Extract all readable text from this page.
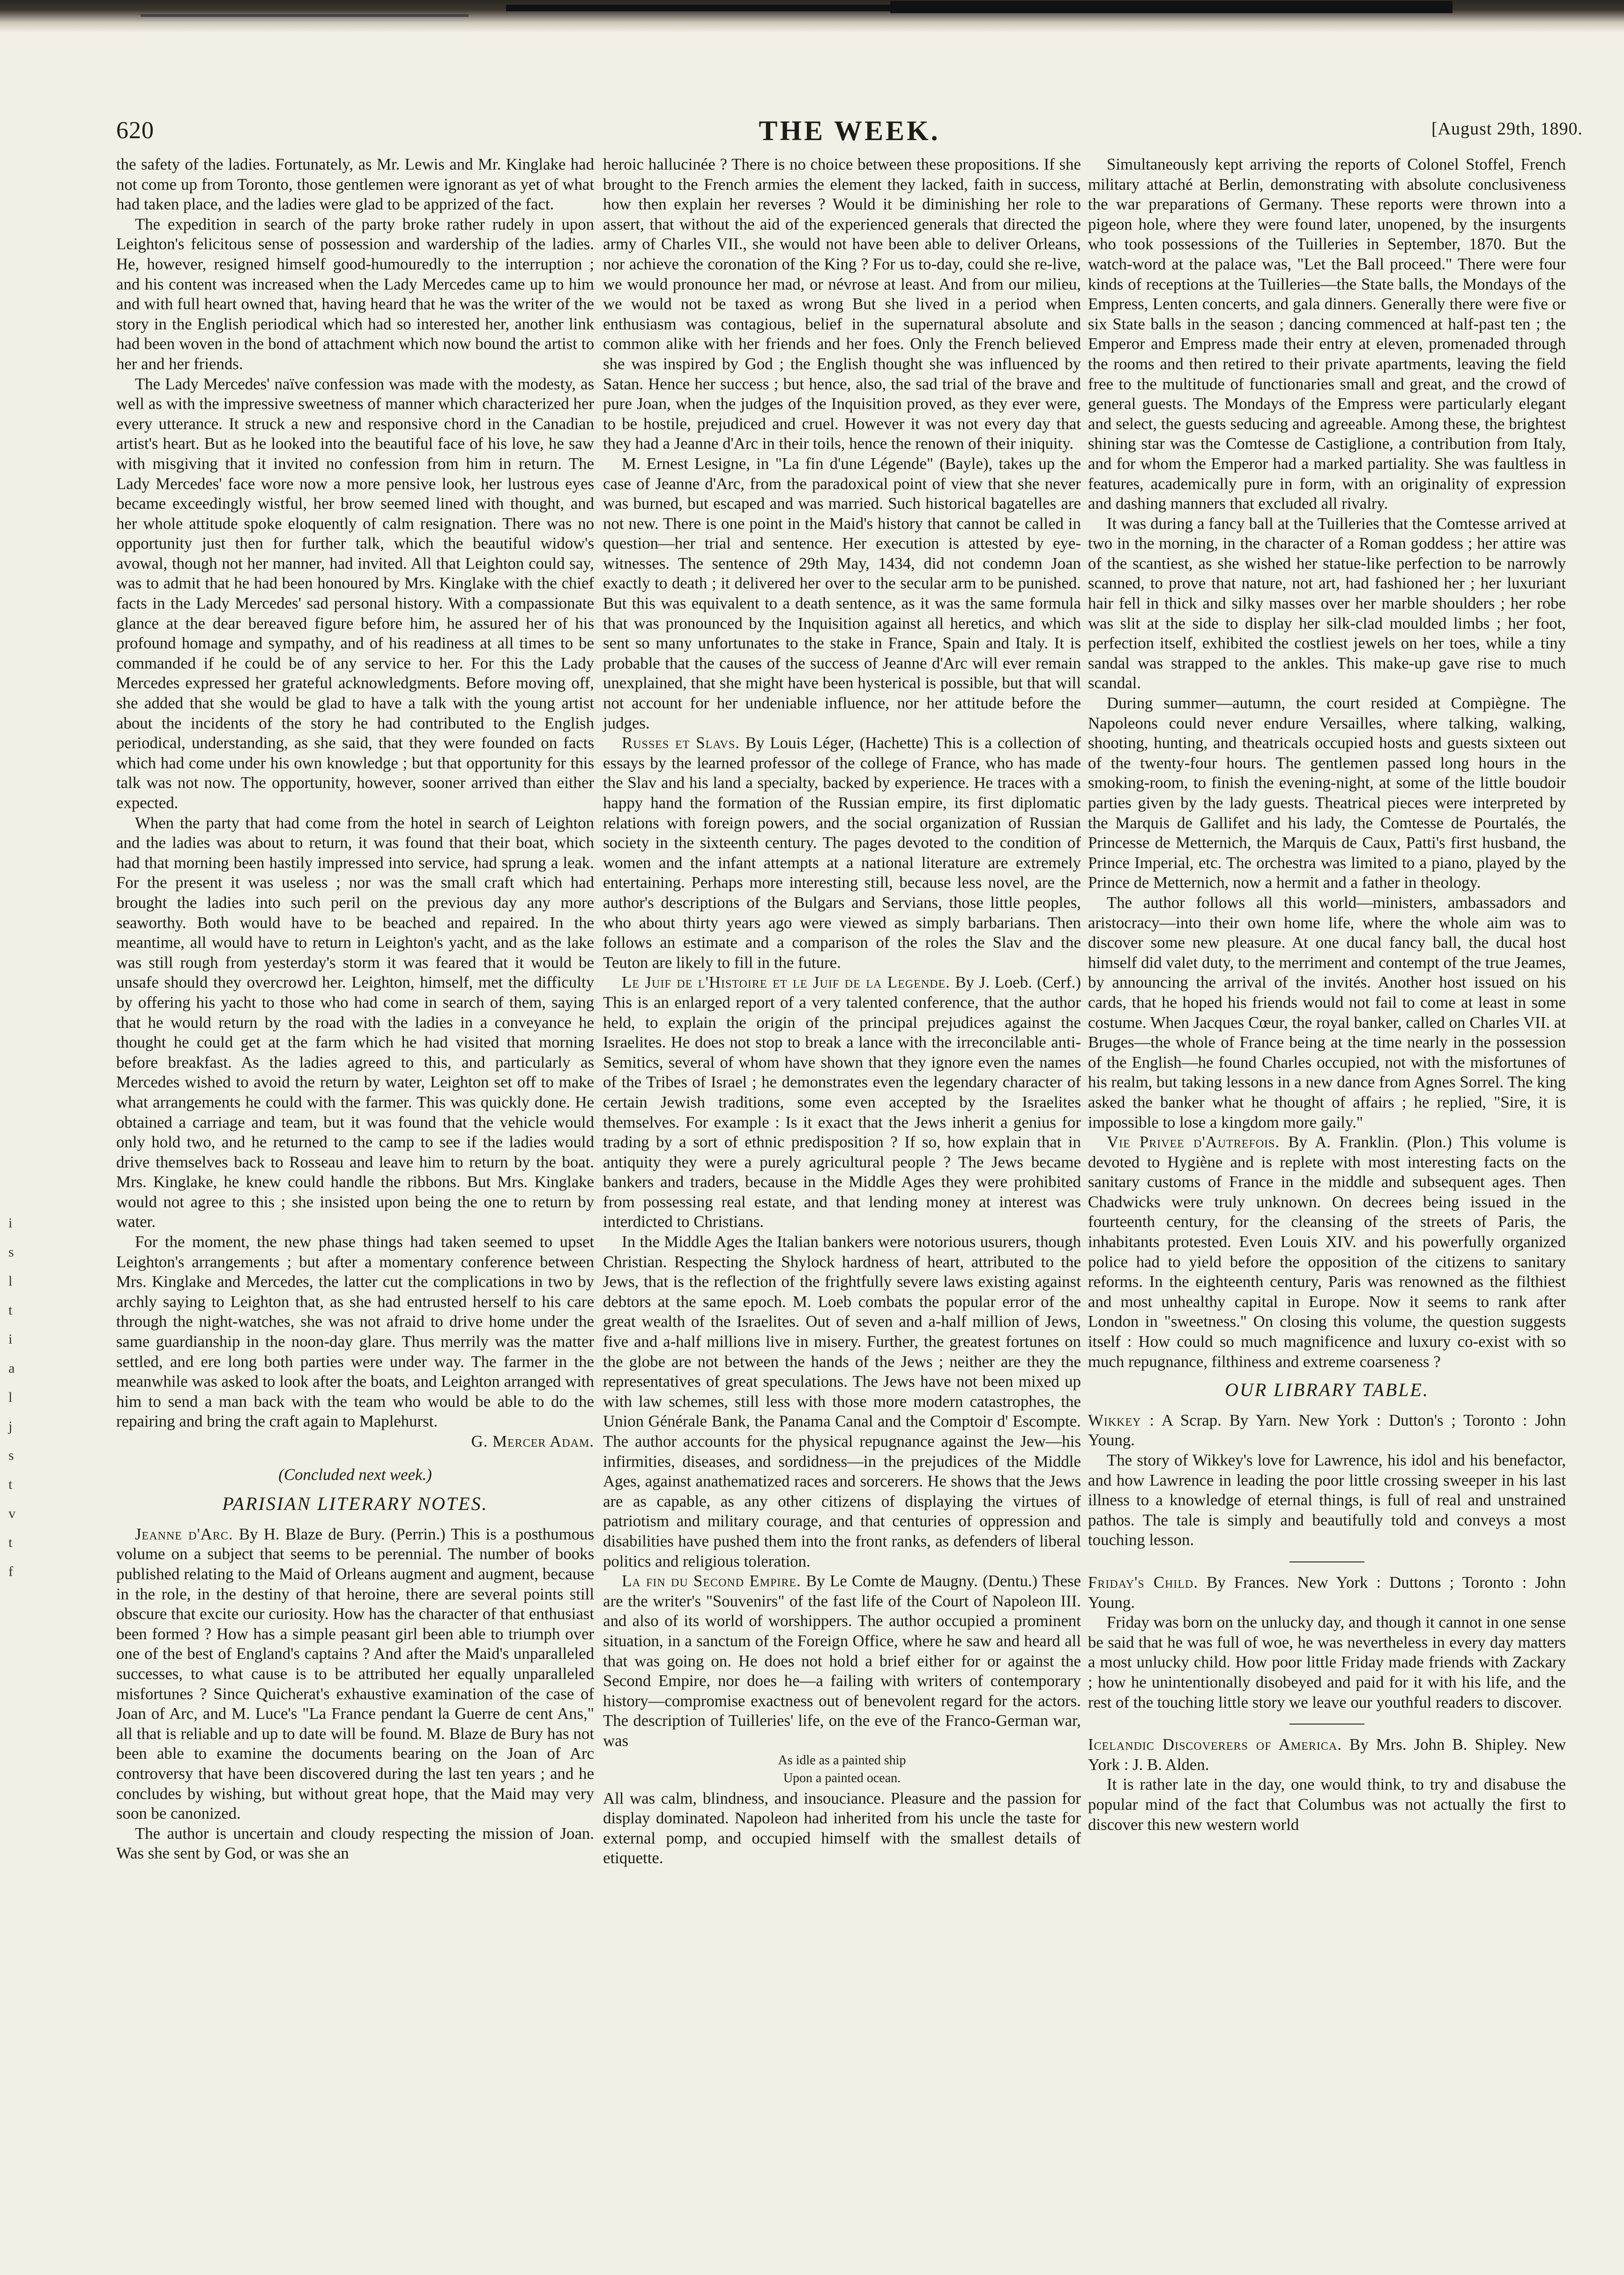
620	THE WEEK.	[August 29th, 1890.
i
s
l
t
i
a
l
j
s
t
v
t
f

the safety of the ladies. Fortunately, as Mr. Lewis and Mr. Kinglake had not come up from Toronto, those gentlemen were ignorant as yet of what had taken place, and the ladies were glad to be apprized of the fact.

The expedition in search of the party broke rather rudely in upon Leighton's felicitous sense of possession and wardership of the ladies. He, however, resigned himself good-humouredly to the interruption ; and his content was increased when the Lady Mercedes came up to him and with full heart owned that, having heard that he was the writer of the story in the English periodical which had so interested her, another link had been woven in the bond of attachment which now bound the artist to her and her friends.

The Lady Mercedes' naïve confession was made with the modesty, as well as with the impressive sweetness of manner which characterized her every utterance. It struck a new and responsive chord in the Canadian artist's heart. But as he looked into the beautiful face of his love, he saw with misgiving that it invited no confession from him in return. The Lady Mercedes' face wore now a more pensive look, her lustrous eyes became exceedingly wistful, her brow seemed lined with thought, and her whole attitude spoke eloquently of calm resignation. There was no opportunity just then for further talk, which the beautiful widow's avowal, though not her manner, had invited. All that Leighton could say, was to admit that he had been honoured by Mrs. Kinglake with the chief facts in the Lady Mercedes' sad personal history. With a compassionate glance at the dear bereaved figure before him, he assured her of his profound homage and sympathy, and of his readiness at all times to be commanded if he could be of any service to her. For this the Lady Mercedes expressed her grateful acknowledgments. Before moving off, she added that she would be glad to have a talk with the young artist about the incidents of the story he had contributed to the English periodical, understanding, as she said, that they were founded on facts which had come under his own knowledge ; but that opportunity for this talk was not now. The opportunity, however, sooner arrived than either expected.

When the party that had come from the hotel in search of Leighton and the ladies was about to return, it was found that their boat, which had that morning been hastily impressed into service, had sprung a leak. For the present it was useless ; nor was the small craft which had brought the ladies into such peril on the previous day any more seaworthy. Both would have to be beached and repaired. In the meantime, all would have to return in Leighton's yacht, and as the lake was still rough from yesterday's storm it was feared that it would be unsafe should they overcrowd her. Leighton, himself, met the difficulty by offering his yacht to those who had come in search of them, saying that he would return by the road with the ladies in a conveyance he thought he could get at the farm which he had visited that morning before breakfast. As the ladies agreed to this, and particularly as Mercedes wished to avoid the return by water, Leighton set off to make what arrangements he could with the farmer. This was quickly done. He obtained a carriage and team, but it was found that the vehicle would only hold two, and he returned to the camp to see if the ladies would drive themselves back to Rosseau and leave him to return by the boat. Mrs. Kinglake, he knew could handle the ribbons. But Mrs. Kinglake would not agree to this ; she insisted upon being the one to return by water.

For the moment, the new phase things had taken seemed to upset Leighton's arrangements ; but after a momentary conference between Mrs. Kinglake and Mercedes, the latter cut the complications in two by archly saying to Leighton that, as she had entrusted herself to his care through the night-watches, she was not afraid to drive home under the same guardianship in the noon-day glare. Thus merrily was the matter settled, and ere long both parties were under way. The farmer in the meanwhile was asked to look after the boats, and Leighton arranged with him to send a man back with the team who would be able to do the repairing and bring the craft again to Maplehurst.

G. Mercer Adam.

(Concluded next week.)

PARISIAN LITERARY NOTES.

Jeanne d'Arc. By H. Blaze de Bury. (Perrin.) This is a posthumous volume on a subject that seems to be perennial. The number of books published relating to the Maid of Orleans augment and augment, because in the role, in the destiny of that heroine, there are several points still obscure that excite our curiosity. How has the character of that enthusiast been formed ? How has a simple peasant girl been able to triumph over one of the best of England's captains ? And after the Maid's unparalleled successes, to what cause is to be attributed her equally unparalleled misfortunes ? Since Quicherat's exhaustive examination of the case of Joan of Arc, and M. Luce's "La France pendant la Guerre de cent Ans," all that is reliable and up to date will be found. M. Blaze de Bury has not been able to examine the documents bearing on the Joan of Arc controversy that have been discovered during the last ten years ; and he concludes by wishing, but without great hope, that the Maid may very soon be canonized.

The author is uncertain and cloudy respecting the mission of Joan. Was she sent by God, or was she an

heroic hallucinée ? There is no choice between these propositions. If she brought to the French armies the element they lacked, faith in success, how then explain her reverses ? Would it be diminishing her role to assert, that without the aid of the experienced generals that directed the army of Charles VII., she would not have been able to deliver Orleans, nor achieve the coronation of the King ? For us to-day, could she re-live, we would pronounce her mad, or névrose at least. And from our milieu, we would not be taxed as wrong But she lived in a period when enthusiasm was contagious, belief in the supernatural absolute and common alike with her friends and her foes. Only the French believed she was inspired by God ; the English thought she was influenced by Satan. Hence her success ; but hence, also, the sad trial of the brave and pure Joan, when the judges of the Inquisition proved, as they ever were, to be hostile, prejudiced and cruel. However it was not every day that they had a Jeanne d'Arc in their toils, hence the renown of their iniquity.

M. Ernest Lesigne, in "La fin d'une Légende" (Bayle), takes up the case of Jeanne d'Arc, from the paradoxical point of view that she never was burned, but escaped and was married. Such historical bagatelles are not new. There is one point in the Maid's history that cannot be called in question—her trial and sentence. Her execution is attested by eye-witnesses. The sentence of 29th May, 1434, did not condemn Joan exactly to death ; it delivered her over to the secular arm to be punished. But this was equivalent to a death sentence, as it was the same formula that was pronounced by the Inquisition against all heretics, and which sent so many unfortunates to the stake in France, Spain and Italy. It is probable that the causes of the success of Jeanne d'Arc will ever remain unexplained, that she might have been hysterical is possible, but that will not account for her undeniable influence, nor her attitude before the judges.

Russes et Slavs. By Louis Léger, (Hachette) This is a collection of essays by the learned professor of the college of France, who has made the Slav and his land a specialty, backed by experience. He traces with a happy hand the formation of the Russian empire, its first diplomatic relations with foreign powers, and the social organization of Russian society in the sixteenth century. The pages devoted to the condition of women and the infant attempts at a national literature are extremely entertaining. Perhaps more interesting still, because less novel, are the author's descriptions of the Bulgars and Servians, those little peoples, who about thirty years ago were viewed as simply barbarians. Then follows an estimate and a comparison of the roles the Slav and the Teuton are likely to fill in the future.

Le Juif de l'Histoire et le Juif de la Legende. By J. Loeb. (Cerf.) This is an enlarged report of a very talented conference, that the author held, to explain the origin of the principal prejudices against the Israelites. He does not stop to break a lance with the irreconcilable anti-Semitics, several of whom have shown that they ignore even the names of the Tribes of Israel ; he demonstrates even the legendary character of certain Jewish traditions, some even accepted by the Israelites themselves. For example : Is it exact that the Jews inherit a genius for trading by a sort of ethnic predisposition ? If so, how explain that in antiquity they were a purely agricultural people ? The Jews became bankers and traders, because in the Middle Ages they were prohibited from possessing real estate, and that lending money at interest was interdicted to Christians.

In the Middle Ages the Italian bankers were notorious usurers, though Christian. Respecting the Shylock hardness of heart, attributed to the Jews, that is the reflection of the frightfully severe laws existing against debtors at the same epoch. M. Loeb combats the popular error of the great wealth of the Israelites. Out of seven and a-half million of Jews, five and a-half millions live in misery. Further, the greatest fortunes on the globe are not between the hands of the Jews ; neither are they the representatives of great speculations. The Jews have not been mixed up with law schemes, still less with those more modern catastrophes, the Union Générale Bank, the Panama Canal and the Comptoir d' Escompte. The author accounts for the physical repugnance against the Jew—his infirmities, diseases, and sordidness—in the prejudices of the Middle Ages, against anathematized races and sorcerers. He shows that the Jews are as capable, as any other citizens of displaying the virtues of patriotism and military courage, and that centuries of oppression and disabilities have pushed them into the front ranks, as defenders of liberal politics and religious toleration.

La fin du Second Empire. By Le Comte de Maugny. (Dentu.) These are the writer's "Souvenirs" of the fast life of the Court of Napoleon III. and also of its world of worshippers. The author occupied a prominent situation, in a sanctum of the Foreign Office, where he saw and heard all that was going on. He does not hold a brief either for or against the Second Empire, nor does he—a failing with writers of contemporary history—compromise exactness out of benevolent regard for the actors. The description of Tuilleries' life, on the eve of the Franco-German war, was

As idle as a painted ship

Upon a painted ocean.

All was calm, blindness, and insouciance. Pleasure and the passion for display dominated. Napoleon had inherited from his uncle the taste for external pomp, and occupied himself with the smallest details of etiquette.

Simultaneously kept arriving the reports of Colonel Stoffel, French military attaché at Berlin, demonstrating with absolute conclusiveness the war preparations of Germany. These reports were thrown into a pigeon hole, where they were found later, unopened, by the insurgents who took possessions of the Tuilleries in September, 1870. But the watch-word at the palace was, "Let the Ball proceed." There were four kinds of receptions at the Tuilleries—the State balls, the Mondays of the Empress, Lenten concerts, and gala dinners. Generally there were five or six State balls in the season ; dancing commenced at half-past ten ; the Emperor and Empress made their entry at eleven, promenaded through the rooms and then retired to their private apartments, leaving the field free to the multitude of functionaries small and great, and the crowd of general guests. The Mondays of the Empress were particularly elegant and select, the guests seducing and agreeable. Among these, the brightest shining star was the Comtesse de Castiglione, a contribution from Italy, and for whom the Emperor had a marked partiality. She was faultless in features, academically pure in form, with an originality of expression and dashing manners that excluded all rivalry.

It was during a fancy ball at the Tuilleries that the Comtesse arrived at two in the morning, in the character of a Roman goddess ; her attire was of the scantiest, as she wished her statue-like perfection to be narrowly scanned, to prove that nature, not art, had fashioned her ; her luxuriant hair fell in thick and silky masses over her marble shoulders ; her robe was slit at the side to display her silk-clad moulded limbs ; her foot, perfection itself, exhibited the costliest jewels on her toes, while a tiny sandal was strapped to the ankles. This make-up gave rise to much scandal.

During summer—autumn, the court resided at Compiègne. The Napoleons could never endure Versailles, where talking, walking, shooting, hunting, and theatricals occupied hosts and guests sixteen out of the twenty-four hours. The gentlemen passed long hours in the smoking-room, to finish the evening-night, at some of the little boudoir parties given by the lady guests. Theatrical pieces were interpreted by the Marquis de Gallifet and his lady, the Comtesse de Pourtalés, the Princesse de Metternich, the Marquis de Caux, Patti's first husband, the Prince Imperial, etc. The orchestra was limited to a piano, played by the Prince de Metternich, now a hermit and a father in theology.

The author follows all this world—ministers, ambassadors and aristocracy—into their own home life, where the whole aim was to discover some new pleasure. At one ducal fancy ball, the ducal host himself did valet duty, to the merriment and contempt of the true Jeames, by announcing the arrival of the invités. Another host issued on his cards, that he hoped his friends would not fail to come at least in some costume. When Jacques Cœur, the royal banker, called on Charles VII. at Bruges—the whole of France being at the time nearly in the possession of the English—he found Charles occupied, not with the misfortunes of his realm, but taking lessons in a new dance from Agnes Sorrel. The king asked the banker what he thought of affairs ; he replied, "Sire, it is impossible to lose a kingdom more gaily."

Vie Privee d'Autrefois. By A. Franklin. (Plon.) This volume is devoted to Hygiène and is replete with most interesting facts on the sanitary customs of France in the middle and subsequent ages. Then Chadwicks were truly unknown. On decrees being issued in the fourteenth century, for the cleansing of the streets of Paris, the inhabitants protested. Even Louis XIV. and his powerfully organized police had to yield before the opposition of the citizens to sanitary reforms. In the eighteenth century, Paris was renowned as the filthiest and most unhealthy capital in Europe. Now it seems to rank after London in "sweetness." On closing this volume, the question suggests itself : How could so much magnificence and luxury co-exist with so much repugnance, filthiness and extreme coarseness ?

OUR LIBRARY TABLE.

Wikkey : A Scrap. By Yarn. New York : Dutton's ; Toronto : John Young.

The story of Wikkey's love for Lawrence, his idol and his benefactor, and how Lawrence in leading the poor little crossing sweeper in his last illness to a knowledge of eternal things, is full of real and unstrained pathos. The tale is simply and beautifully told and conveys a most touching lesson.

Friday's Child. By Frances. New York : Duttons ; Toronto : John Young.

Friday was born on the unlucky day, and though it cannot in one sense be said that he was full of woe, he was nevertheless in every day matters a most unlucky child. How poor little Friday made friends with Zackary ; how he unintentionally disobeyed and paid for it with his life, and the rest of the touching little story we leave our youthful readers to discover.

Icelandic Discoverers of America. By Mrs. John B. Shipley. New York : J. B. Alden.

It is rather late in the day, one would think, to try and disabuse the popular mind of the fact that Columbus was not actually the first to discover this new western world
